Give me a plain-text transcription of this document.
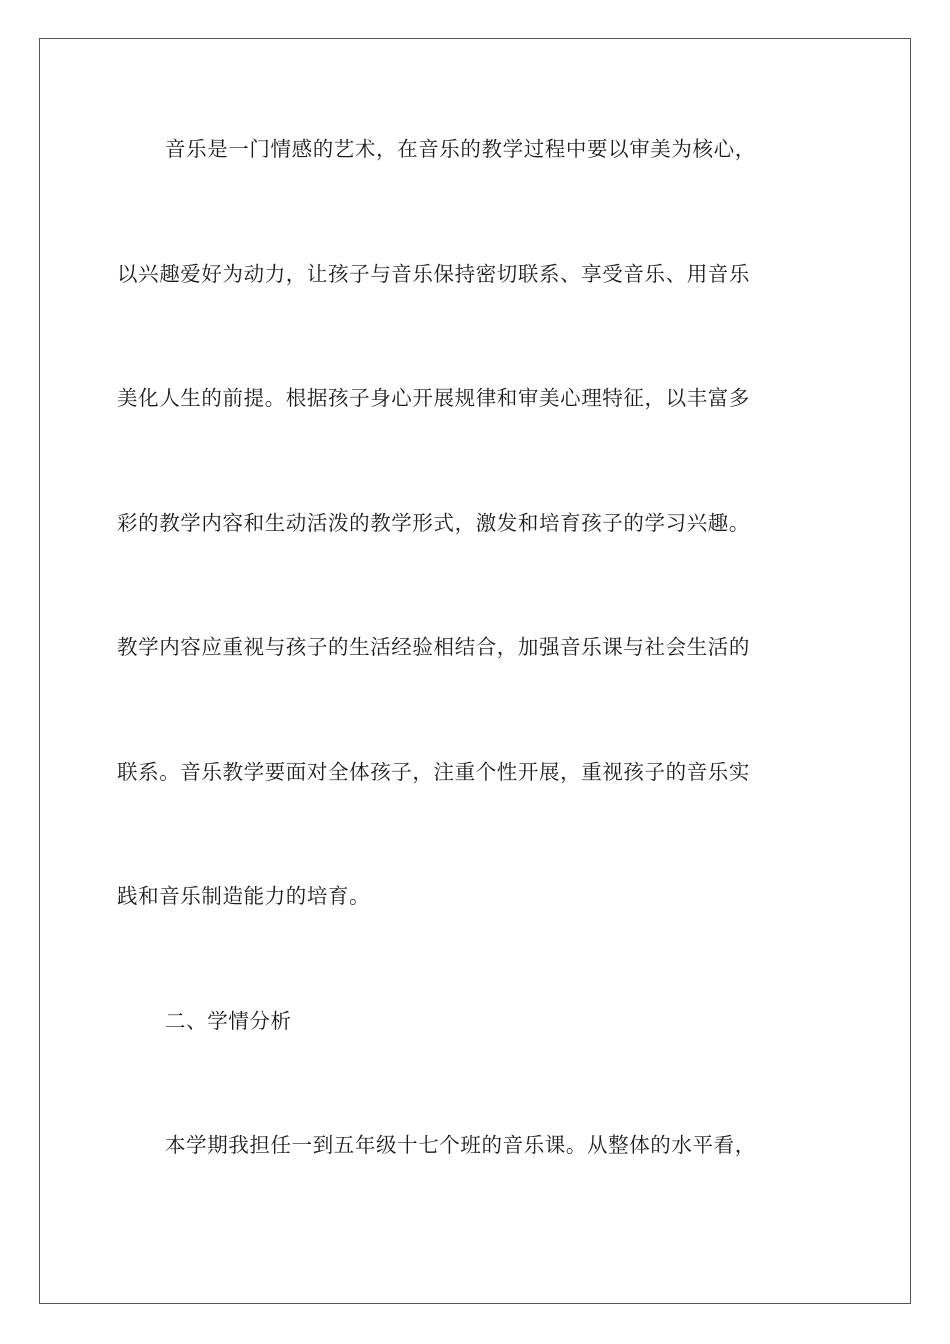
音乐是一门情感的艺术，在音乐的教学过程中要以审美为核心，

以兴趣爱好为动力，让孩子与音乐保持密切联系、享受音乐、用音乐

美化人生的前提。根据孩子身心开展规律和审美心理特征，以丰富多

彩的教学内容和生动活泼的教学形式，激发和培育孩子的学习兴趣。

教学内容应重视与孩子的生活经验相结合，加强音乐课与社会生活的

联系。音乐教学要面对全体孩子，注重个性开展，重视孩子的音乐实

践和音乐制造能力的培育。

二、学情分析

本学期我担任一到五年级十七个班的音乐课。从整体的水平看，
